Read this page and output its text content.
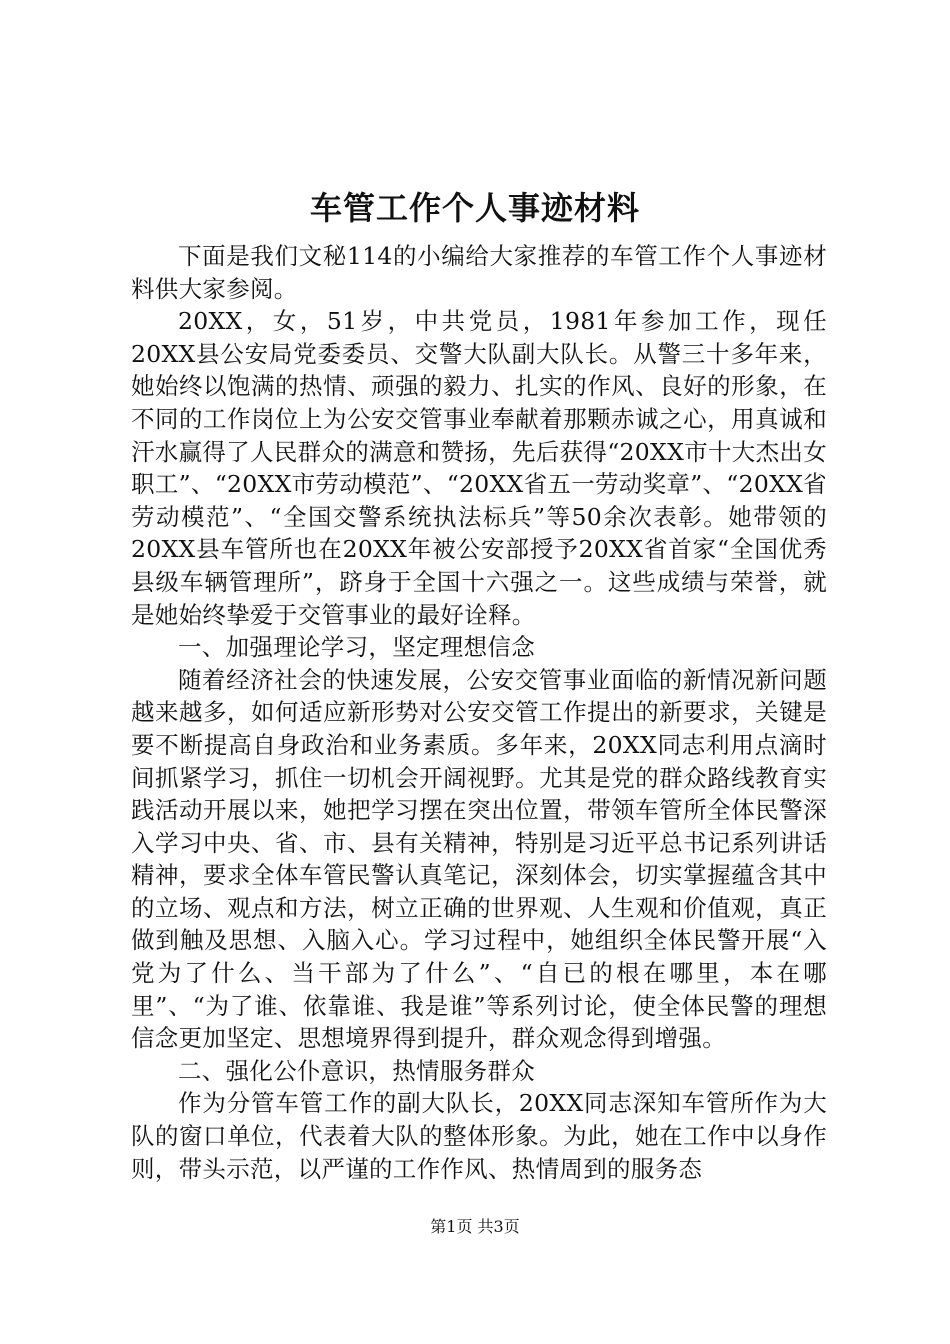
车管工作个人事迹材料

下面是我们文秘114的小编给大家推荐的车管工作个人事迹材料供大家参阅。

20XX，女，51岁，中共党员，1981年参加工作，现任20XX县公安局党委委员、交警大队副大队长。从警三十多年来，她始终以饱满的热情、顽强的毅力、扎实的作风、良好的形象，在不同的工作岗位上为公安交管事业奉献着那颗赤诚之心，用真诚和汗水赢得了人民群众的满意和赞扬，先后获得“20XX市十大杰出女职工”、“20XX市劳动模范”、“20XX省五一劳动奖章”、“20XX省劳动模范”、“全国交警系统执法标兵”等50余次表彰。她带领的20XX县车管所也在20XX年被公安部授予20XX省首家“全国优秀县级车辆管理所”，跻身于全国十六强之一。这些成绩与荣誉，就是她始终挚爱于交管事业的最好诠释。

一、加强理论学习，坚定理想信念

随着经济社会的快速发展，公安交管事业面临的新情况新问题越来越多，如何适应新形势对公安交管工作提出的新要求，关键是要不断提高自身政治和业务素质。多年来，20XX同志利用点滴时间抓紧学习，抓住一切机会开阔视野。尤其是党的群众路线教育实践活动开展以来，她把学习摆在突出位置，带领车管所全体民警深入学习中央、省、市、县有关精神，特别是习近平总书记系列讲话精神，要求全体车管民警认真笔记，深刻体会，切实掌握蕴含其中的立场、观点和方法，树立正确的世界观、人生观和价值观，真正做到触及思想、入脑入心。学习过程中，她组织全体民警开展“入党为了什么、当干部为了什么”、“自已的根在哪里，本在哪里”、“为了谁、依靠谁、我是谁”等系列讨论，使全体民警的理想信念更加坚定、思想境界得到提升，群众观念得到增强。

二、强化公仆意识，热情服务群众

作为分管车管工作的副大队长，20XX同志深知车管所作为大队的窗口单位，代表着大队的整体形象。为此，她在工作中以身作则，带头示范，以严谨的工作作风、热情周到的服务态

第1页 共3页
